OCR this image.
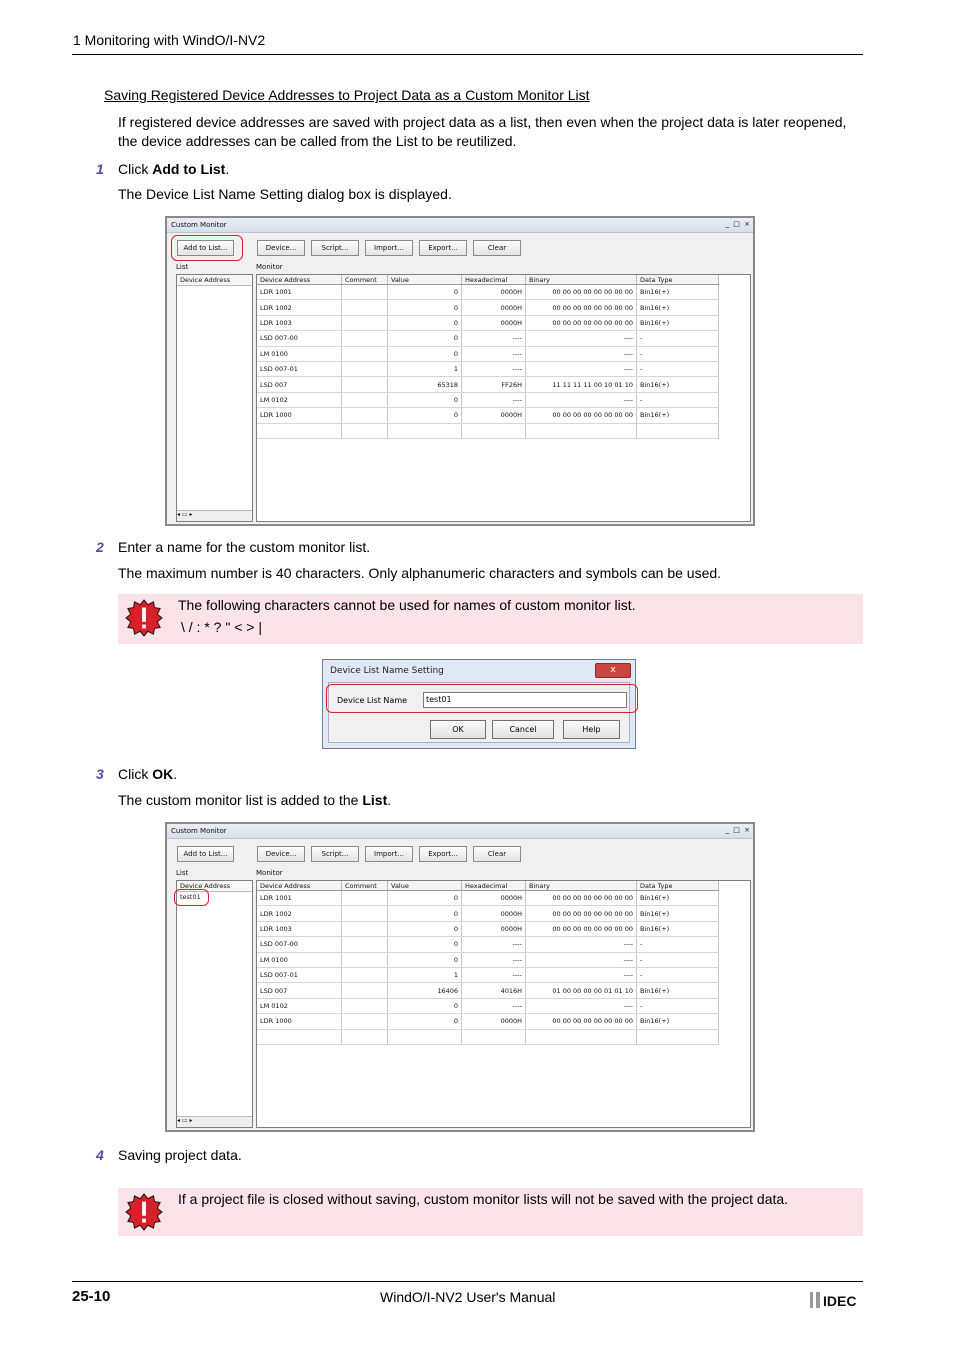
1 Monitoring with WindO/I-NV2
Saving Registered Device Addresses to Project Data as a Custom Monitor List
If registered device addresses are saved with project data as a list, then even when the project data is later reopened,
the device addresses can be called from the List to be reutilized.
1 Click Add to List.
The Device List Name Setting dialog box is displayed.
Custom Monitor	_ □ ×
Add to List...	Device...	Script...	Import...	Export...	Clear
List	Monitor
Device Address
◂ ▭ ▸
Device Address	Comment	Value	Hexadecimal	Binary	Data Type
LDR 1001		0	0000H	00 00 00 00 00 00 00 00	Bin16(+)
LDR 1002		0	0000H	00 00 00 00 00 00 00 00	Bin16(+)
LDR 1003		0	0000H	00 00 00 00 00 00 00 00	Bin16(+)
LSD 007-00		0	----	----	-
LM 0100		0	----	----	-
LSD 007-01		1	----	----	-
LSD 007		65318	FF26H	11 11 11 11 00 10 01 10	Bin16(+)
LM 0102		0	----	----	-
LDR 1000		0	0000H	00 00 00 00 00 00 00 00	Bin16(+)

2 Enter a name for the custom monitor list.
The maximum number is 40 characters. Only alphanumeric characters and symbols can be used.
The following characters cannot be used for names of custom monitor list.
\ / : * ? " < > |
Device List Name Setting	x
Device List Name	test01
OK	Cancel	Help
3 Click OK.
The custom monitor list is added to the List.
Custom Monitor	_ □ ×
Add to List...	Device...	Script...	Import...	Export...	Clear
List	Monitor
Device Address
test01
◂ ▭ ▸
Device Address	Comment	Value	Hexadecimal	Binary	Data Type
LDR 1001		0	0000H	00 00 00 00 00 00 00 00	Bin16(+)
LDR 1002		0	0000H	00 00 00 00 00 00 00 00	Bin16(+)
LDR 1003		0	0000H	00 00 00 00 00 00 00 00	Bin16(+)
LSD 007-00		0	----	----	-
LM 0100		0	----	----	-
LSD 007-01		1	----	----	-
LSD 007		16406	4016H	01 00 00 00 00 01 01 10	Bin16(+)
LM 0102		0	----	----	-
LDR 1000		0	0000H	00 00 00 00 00 00 00 00	Bin16(+)

4 Saving project data.
If a project file is closed without saving, custom monitor lists will not be saved with the project data.
25-10	WindO/I-NV2 User's Manual	IDEC
